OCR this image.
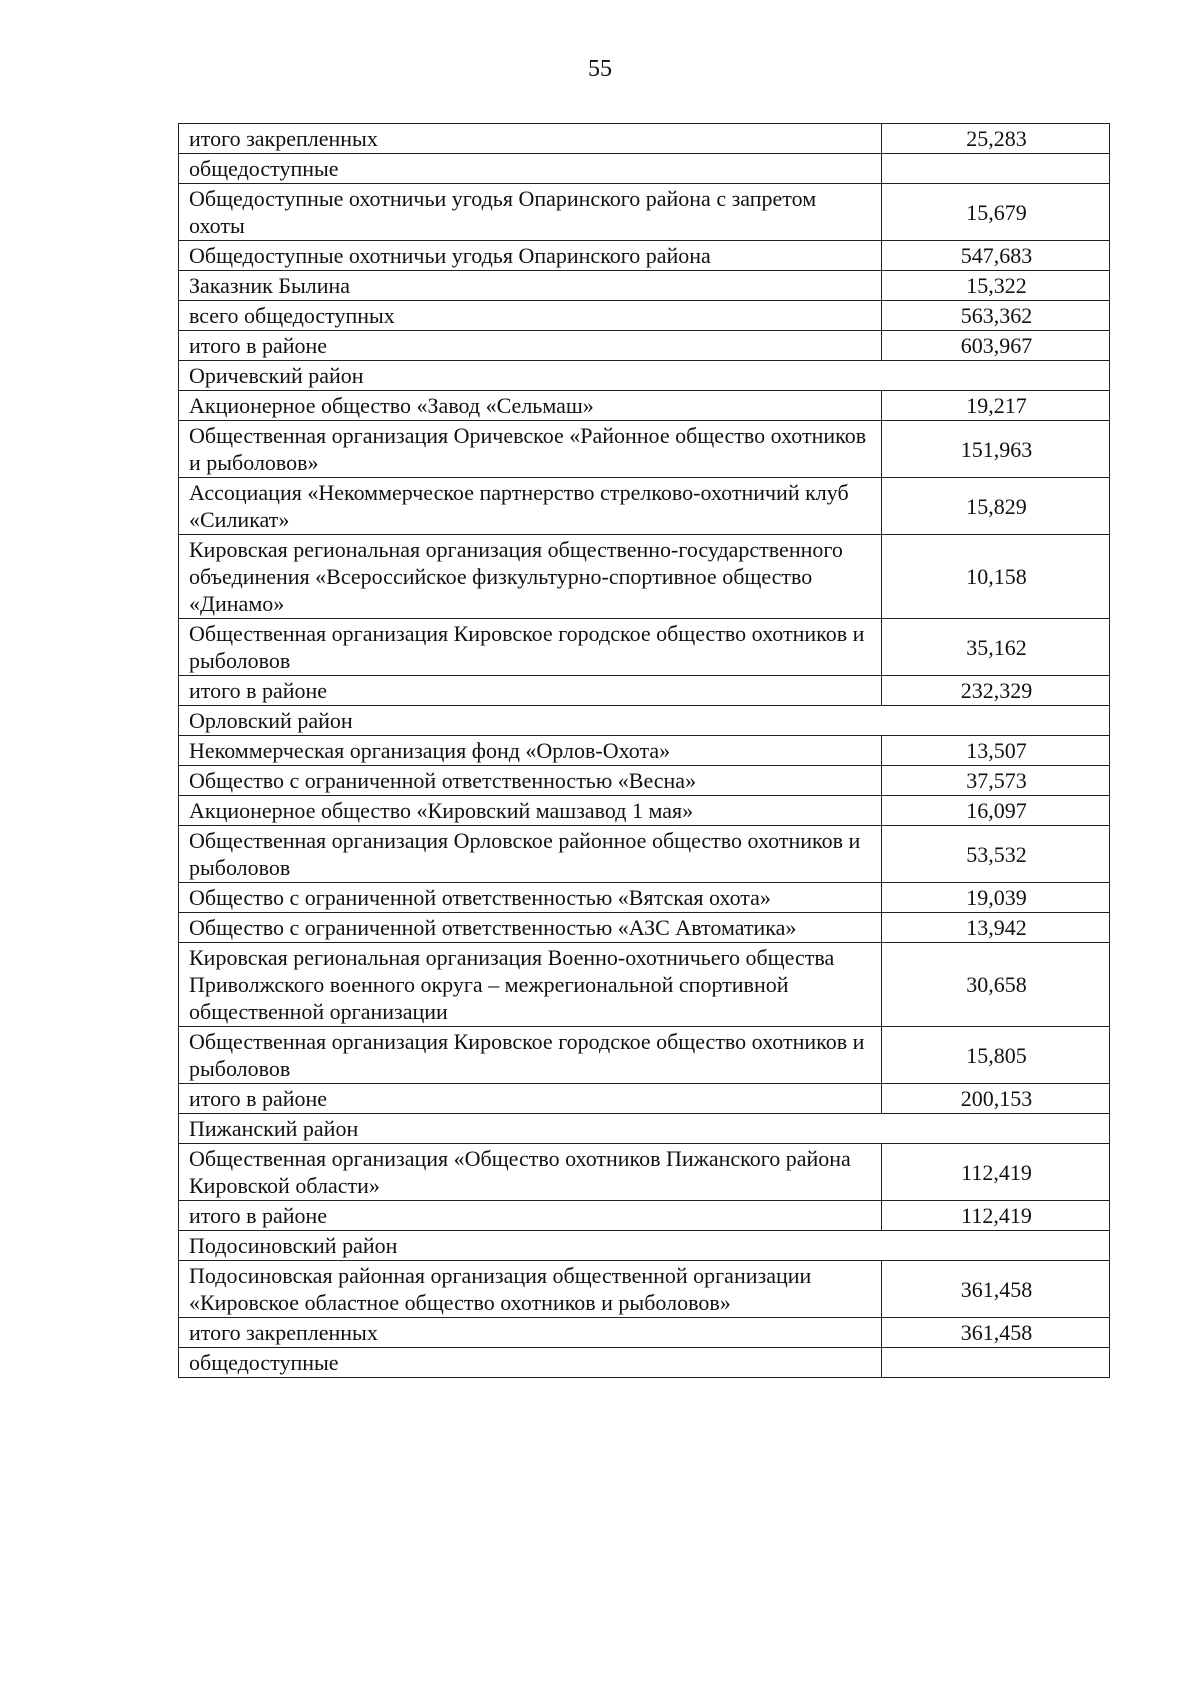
55
итого закрепленных	25,283
общедоступные	
Общедоступные охотничьи угодья Опаринского района с запретом охоты	15,679
Общедоступные охотничьи угодья Опаринского района	547,683
Заказник Былина	15,322
всего общедоступных	563,362
итого в районе	603,967
Оричевский район	
Акционерное общество «Завод «Сельмаш»	19,217
Общественная организация Оричевское «Районное общество охотников и рыболовов»	151,963
Ассоциация «Некоммерческое партнерство стрелково-охотничий клуб «Силикат»	15,829
Кировская региональная организация общественно-государственного объединения «Всероссийское физкультурно-спортивное общество «Динамо»	10,158
Общественная организация Кировское городское общество охотников и рыболовов	35,162
итого в районе	232,329
Орловский район	
Некоммерческая организация фонд «Орлов-Охота»	13,507
Общество с ограниченной ответственностью «Весна»	37,573
Акционерное общество «Кировский машзавод 1 мая»	16,097
Общественная организация Орловское районное общество охотников и рыболовов	53,532
Общество с ограниченной ответственностью «Вятская охота»	19,039
Общество с ограниченной ответственностью «АЗС Автоматика»	13,942
Кировская региональная организация Военно-охотничьего общества Приволжского военного округа – межрегиональной спортивной общественной организации	30,658
Общественная организация Кировское городское общество охотников и рыболовов	15,805
итого в районе	200,153
Пижанский район	
Общественная организация «Общество охотников Пижанского района Кировской области»	112,419
итого в районе	112,419
Подосиновский район	
Подосиновская районная организация общественной организации «Кировское областное общество охотников и рыболовов»	361,458
итого закрепленных	361,458
общедоступные	
